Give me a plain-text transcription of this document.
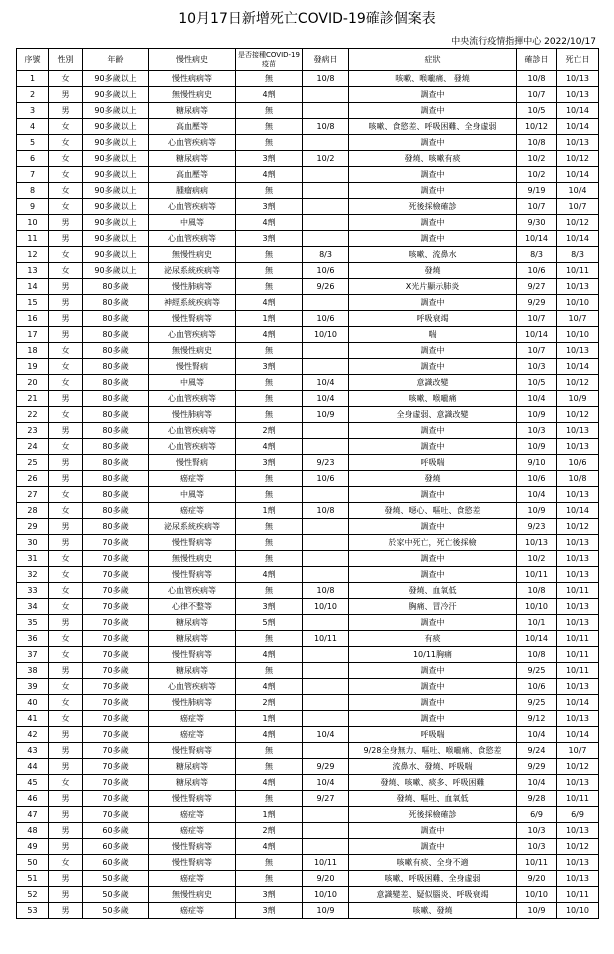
10月17日新增死亡COVID-19確診個案表
中央流行疫情指揮中心 2022/10/17
序號	性別	年齡	慢性病史	是否接種COVID-19疫苗	發病日	症狀	確診日	死亡日
1	女	90多歲以上	慢性病病等	無	10/8	咳嗽、喉嚨痛、 發燒	10/8	10/13
2	男	90多歲以上	無慢性病史	4劑		調查中	10/7	10/13
3	男	90多歲以上	糖尿病等	無		調查中	10/5	10/14
4	女	90多歲以上	高血壓等	無	10/8	咳嗽、食慾差、呼吸困難、全身虛弱	10/12	10/14
5	女	90多歲以上	心血管疾病等	無		調查中	10/8	10/13
6	女	90多歲以上	糖尿病等	3劑	10/2	發燒、咳嗽有痰	10/2	10/12
7	女	90多歲以上	高血壓等	4劑		調查中	10/2	10/14
8	女	90多歲以上	腫瘤病病	無		調查中	9/19	10/4
9	女	90多歲以上	心血管疾病等	3劑		死後採檢確診	10/7	10/7
10	男	90多歲以上	中風等	4劑		調查中	9/30	10/12
11	男	90多歲以上	心血管疾病等	3劑		調查中	10/14	10/14
12	女	90多歲以上	無慢性病史	無	8/3	咳嗽、流鼻水	8/3	8/3
13	女	90多歲以上	泌尿系統疾病等	無	10/6	發燒	10/6	10/11
14	男	80多歲	慢性肺病等	無	9/26	X光片顯示肺炎	9/27	10/13
15	男	80多歲	神經系統疾病等	4劑		調查中	9/29	10/10
16	男	80多歲	慢性腎病等	1劑	10/6	呼吸衰竭	10/7	10/7
17	男	80多歲	心血管疾病等	4劑	10/10	喘	10/14	10/10
18	女	80多歲	無慢性病史	無		調查中	10/7	10/13
19	女	80多歲	慢性腎病	3劑		調查中	10/3	10/14
20	女	80多歲	中風等	無	10/4	意識改變	10/5	10/12
21	男	80多歲	心血管疾病等	無	10/4	咳嗽、喉嚨痛	10/4	10/9
22	女	80多歲	慢性肺病等	無	10/9	全身虛弱、意識改變	10/9	10/12
23	男	80多歲	心血管疾病等	2劑		調查中	10/3	10/13
24	女	80多歲	心血管疾病等	4劑		調查中	10/9	10/13
25	男	80多歲	慢性腎病	3劑	9/23	呼吸喘	9/10	10/6
26	男	80多歲	癌症等	無	10/6	發燒	10/6	10/8
27	女	80多歲	中風等	無		調查中	10/4	10/13
28	女	80多歲	癌症等	1劑	10/8	發燒、噁心、嘔吐、食慾差	10/9	10/14
29	男	80多歲	泌尿系統疾病等	無		調查中	9/23	10/12
30	男	70多歲	慢性腎病等	無		於家中死亡，死亡後採檢	10/13	10/13
31	女	70多歲	無慢性病史	無		調查中	10/2	10/13
32	女	70多歲	慢性腎病等	4劑		調查中	10/11	10/13
33	女	70多歲	心血管疾病等	無	10/8	發燒、血氧低	10/8	10/11
34	女	70多歲	心律不整等	3劑	10/10	胸痛、冒冷汗	10/10	10/13
35	男	70多歲	糖尿病等	5劑		調查中	10/1	10/13
36	女	70多歲	糖尿病等	無	10/11	有痰	10/14	10/11
37	女	70多歲	慢性腎病等	4劑		10/11胸痛	10/8	10/11
38	男	70多歲	糖尿病等	無		調查中	9/25	10/11
39	女	70多歲	心血管疾病等	4劑		調查中	10/6	10/13
40	女	70多歲	慢性肺病等	2劑		調查中	9/25	10/14
41	女	70多歲	癌症等	1劑		調查中	9/12	10/13
42	男	70多歲	癌症等	4劑	10/4	呼吸喘	10/4	10/14
43	男	70多歲	慢性腎病等	無		9/28全身無力、嘔吐、喉嚨痛、食慾差	9/24	10/7
44	男	70多歲	糖尿病等	無	9/29	流鼻水、發燒、呼吸喘	9/29	10/12
45	女	70多歲	糖尿病等	4劑	10/4	發燒、咳嗽、痰多、呼吸困難	10/4	10/13
46	男	70多歲	慢性腎病等	無	9/27	發燒、嘔吐、血氧低	9/28	10/11
47	男	70多歲	癌症等	1劑		死後採檢確診	6/9	6/9
48	男	60多歲	癌症等	2劑		調查中	10/3	10/13
49	男	60多歲	慢性腎病等	4劑		調查中	10/3	10/12
50	女	60多歲	慢性腎病等	無	10/11	咳嗽有痰、全身不適	10/11	10/13
51	男	50多歲	癌症等	無	9/20	咳嗽、呼吸困難、全身虛弱	9/20	10/13
52	男	50多歲	無慢性病史	3劑	10/10	意識變差、疑似腦炎、呼吸衰竭	10/10	10/11
53	男	50多歲	癌症等	3劑	10/9	咳嗽、發燒	10/9	10/10
